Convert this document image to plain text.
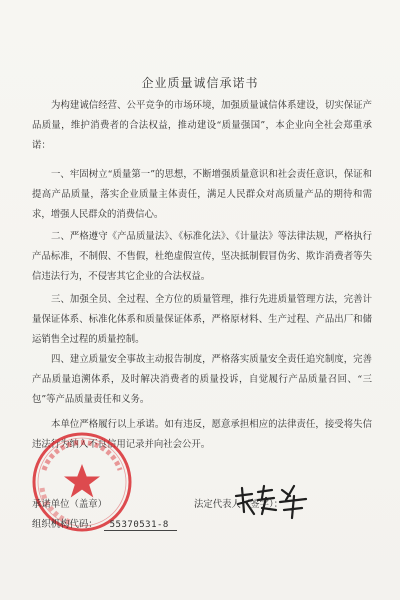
企业质量诚信承诺书
为构建诚信经营、公平竞争的市场环境，加强质量诚信体系建设，切实保证产品质量，维护消费者的合法权益，推动建设“质量强国”，本企业向全社会郑重承诺：
一、牢固树立“质量第一”的思想，不断增强质量意识和社会责任意识，保证和提高产品质量，落实企业质量主体责任，满足人民群众对高质量产品的期待和需求，增强人民群众的消费信心。
二、严格遵守《产品质量法》、《标准化法》、《计量法》等法律法规，严格执行产品标准，不制假、不售假，杜绝虚假宣传，坚决抵制假冒伪劣、欺诈消费者等失信违法行为，不侵害其它企业的合法权益。
三、加强全员、全过程、全方位的质量管理，推行先进质量管理方法，完善计量保证体系、标准化体系和质量保证体系，严格原材料、生产过程、产品出厂和储运销售全过程的质量控制。
四、建立质量安全事故主动报告制度，严格落实质量安全责任追究制度，完善产品质量追溯体系，及时解决消费者的质量投诉，自觉履行产品质量召回、“三包”等产品质量责任和义务。
本单位严格履行以上承诺。如有违反，愿意承担相应的法律责任，接受将失信违法行为纳入不良信用记录并向社会公开。
承诺单位（盖章）	法定代表人（签字）：
组织机构代码： 55370531-8
